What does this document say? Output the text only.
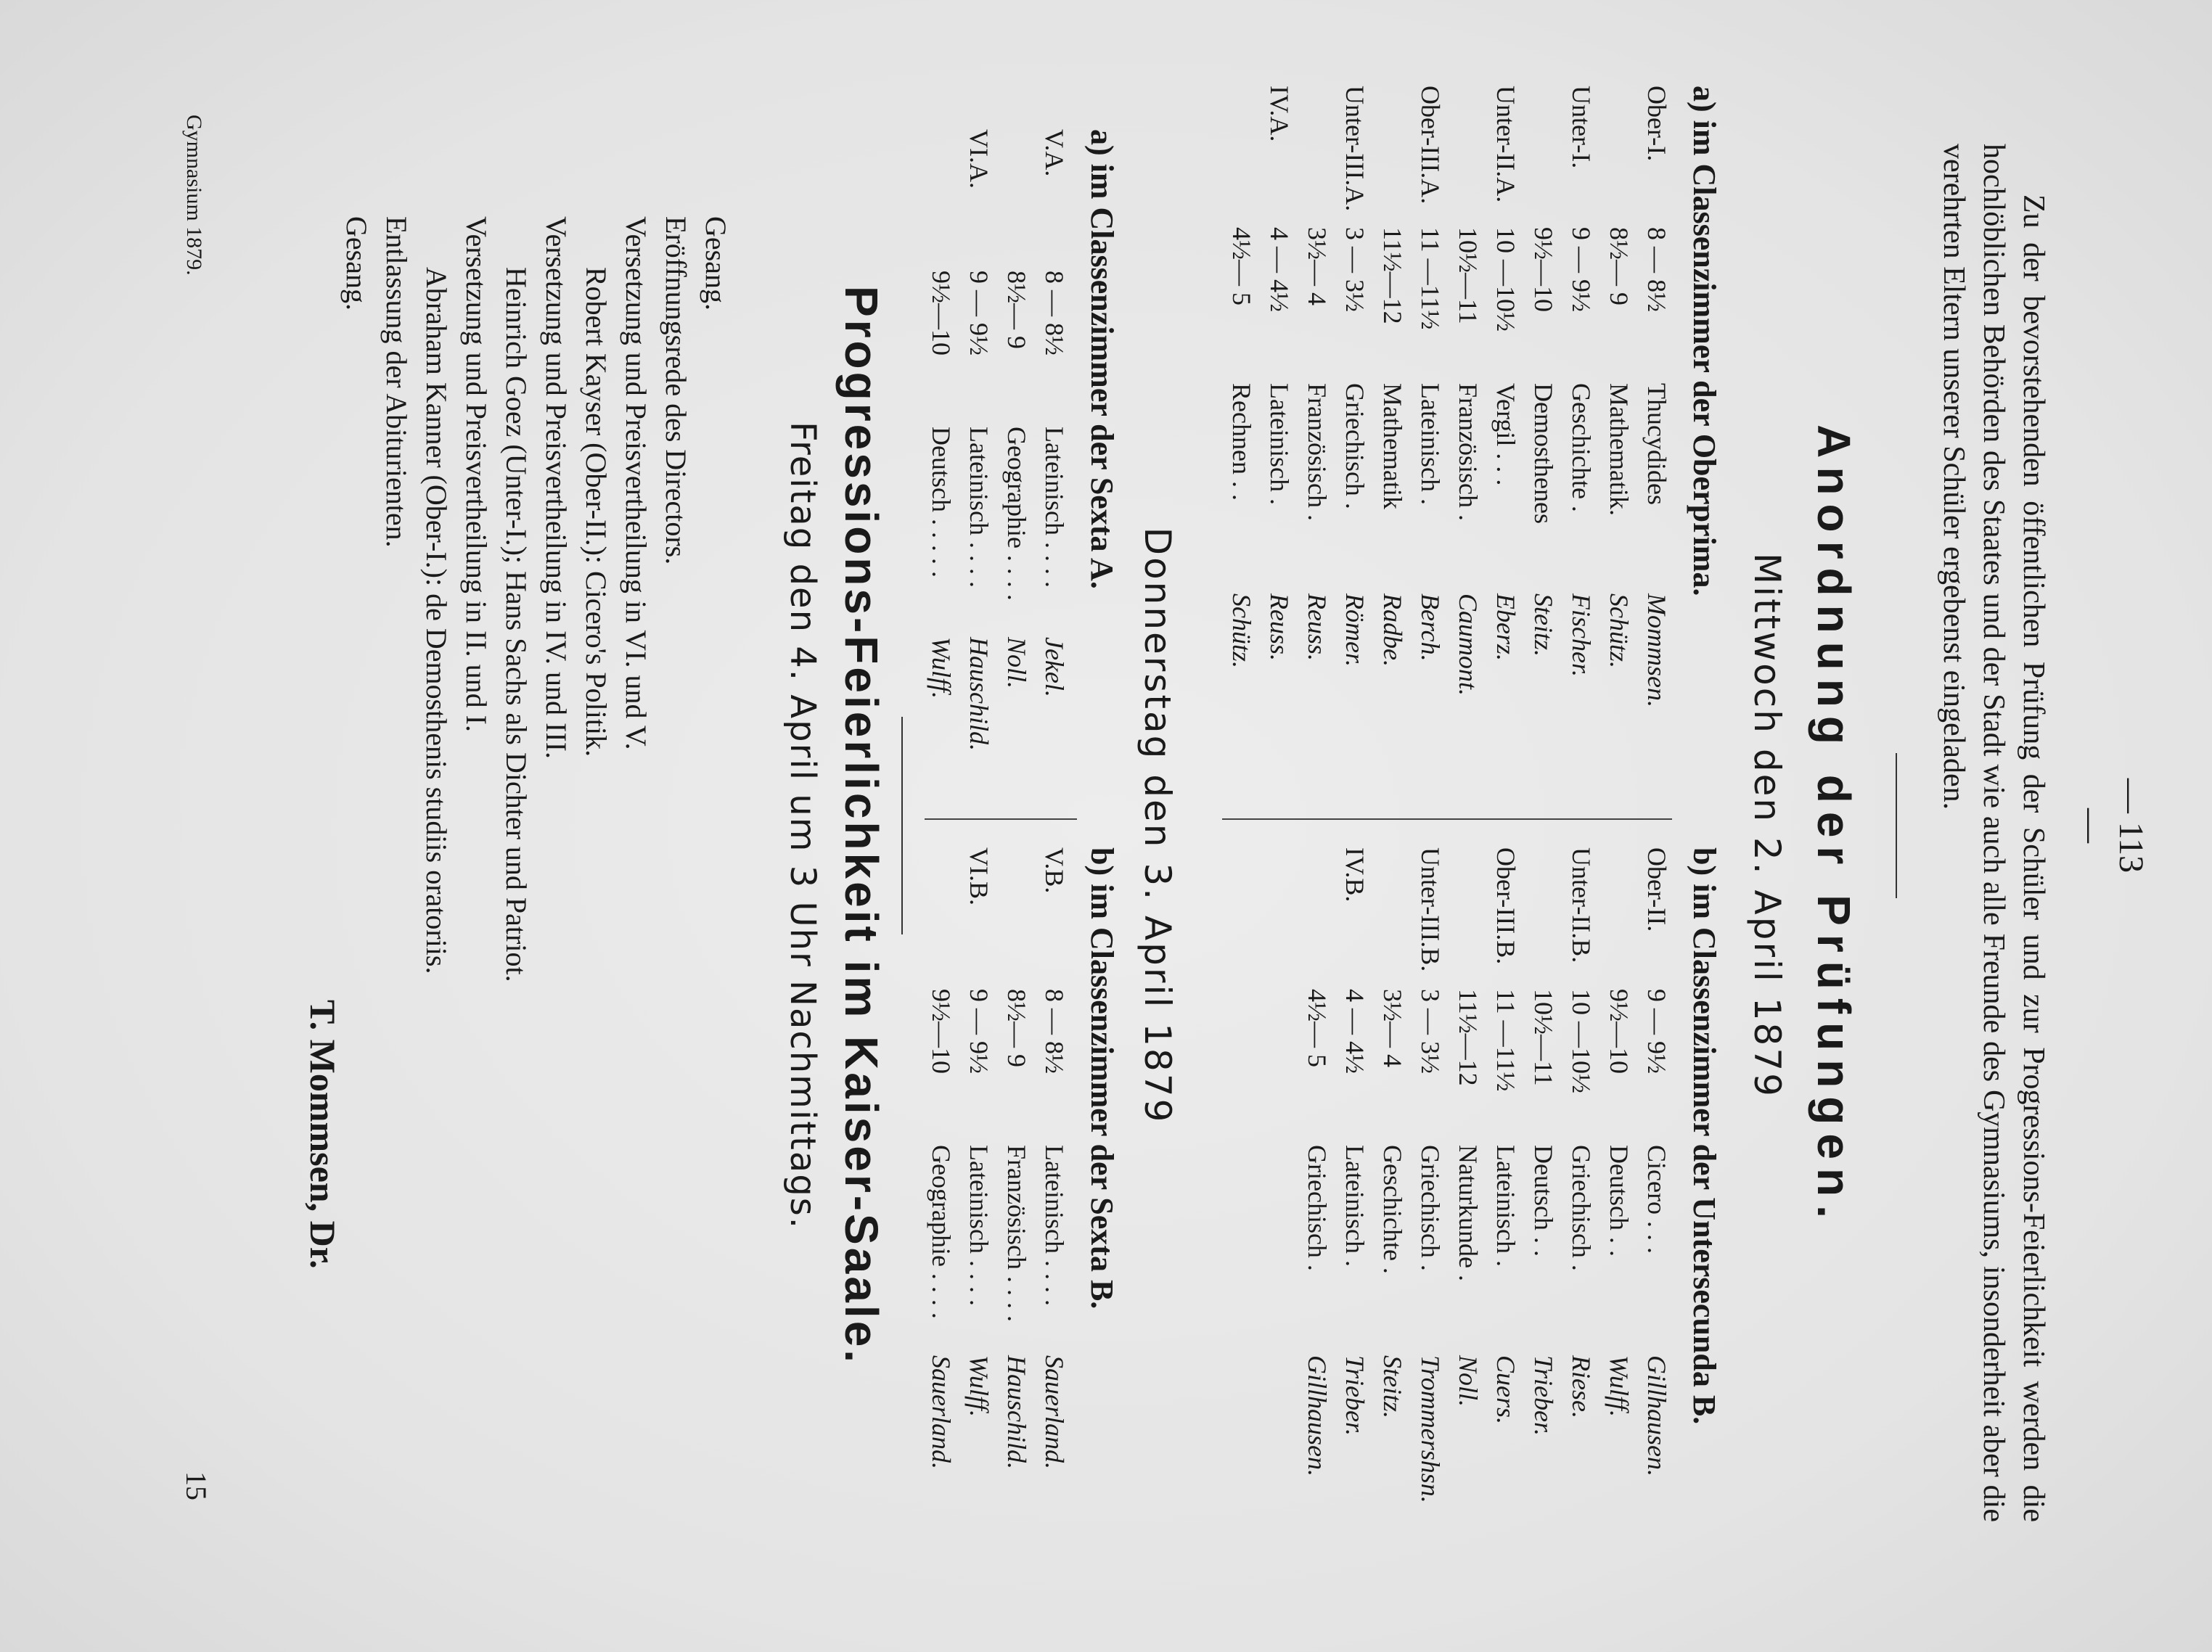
— 113 —

Zu der bevorstehenden öffentlichen Prüfung der Schüler und zur Progressions-Feierlichkeit werden die hochlöblichen Behörden des Staates und der Stadt wie auch alle Freunde des Gymnasiums, insonderheit aber die verehrten Eltern unserer Schüler ergebenst eingeladen.

Anordnung der Prüfungen.
Mittwoch den 2. April 1879
a) im Classenzimmer der Oberprima.
Ober-I.
8 — 8½
Thucydides
Mommsen.
8½— 9
Mathematik.
Schütz.
Unter-I.
9 — 9½
Geschichte .
Fischer.
9½—10
Demosthenes
Steitz.
Unter-II.A.
10 —10½
Vergil . . .
Eberz.
10½—11
Französisch .
Caumont.
Ober-III.A.
11 —11½
Lateinisch .
Berch.
11½—12
Mathematik
Radbe.
Unter-III.A.
3 — 3½
Griechisch .
Römer.
3½— 4
Französisch .
Reuss.
IV.A.
4 — 4½
Lateinisch .
Reuss.
4½— 5
Rechnen . .
Schütz.
b) im Classenzimmer der Untersecunda B.
Ober-II.
9 — 9½
Cicero . . .
Gillhausen.
9½—10
Deutsch . .
Wulff.
Unter-II.B.
10 —10½
Griechisch .
Riese.
10½—11
Deutsch . .
Trieber.
Ober-III.B.
11 —11½
Lateinisch .
Cuers.
11½—12
Naturkunde .
Noll.
Unter-III.B.
3 — 3½
Griechisch .
Trommershsn.
3½— 4
Geschichte .
Steitz.
IV.B.
4 — 4½
Lateinisch .
Trieber.
4½— 5
Griechisch .
Gillhausen.
Donnerstag den 3. April 1879
a) im Classenzimmer der Sexta A.
V.A.
8 — 8½
Lateinisch . . . .
Jekel.
8½— 9
Geographie . . . .
Noll.
VI.A.
9 — 9½
Lateinisch . . . .
Hauschild.
9½—10
Deutsch . . . . .
Wulff.
b) im Classenzimmer der Sexta B.
V.B.
8 — 8½
Lateinisch . . . .
Sauerland.
8½— 9
Französisch . . . .
Hauschild.
VI.B.
9 — 9½
Lateinisch . . . .
Wulff.
9½—10
Geographie . . . .
Sauerland.
Progressions-Feierlichkeit im Kaiser-Saale.
Freitag den 4. April um 3 Uhr Nachmittags.
Gesang.
Eröffnungsrede des Directors.
Versetzung und Preisvertheilung in VI. und V.
Robert Kayser (Ober-II.): Cicero's Politik.
Versetzung und Preisvertheilung in IV. und III.
Heinrich Goez (Unter-I.); Hans Sachs als Dichter und Patriot.
Versetzung und Preisvertheilung in II. und I.
Abraham Kanner (Ober-I.): de Demosthenis studiis oratoriis.
Entlassung der Abiturienten.
Gesang.
T. Mommsen, Dr.
Gymnasium 1879.
15
